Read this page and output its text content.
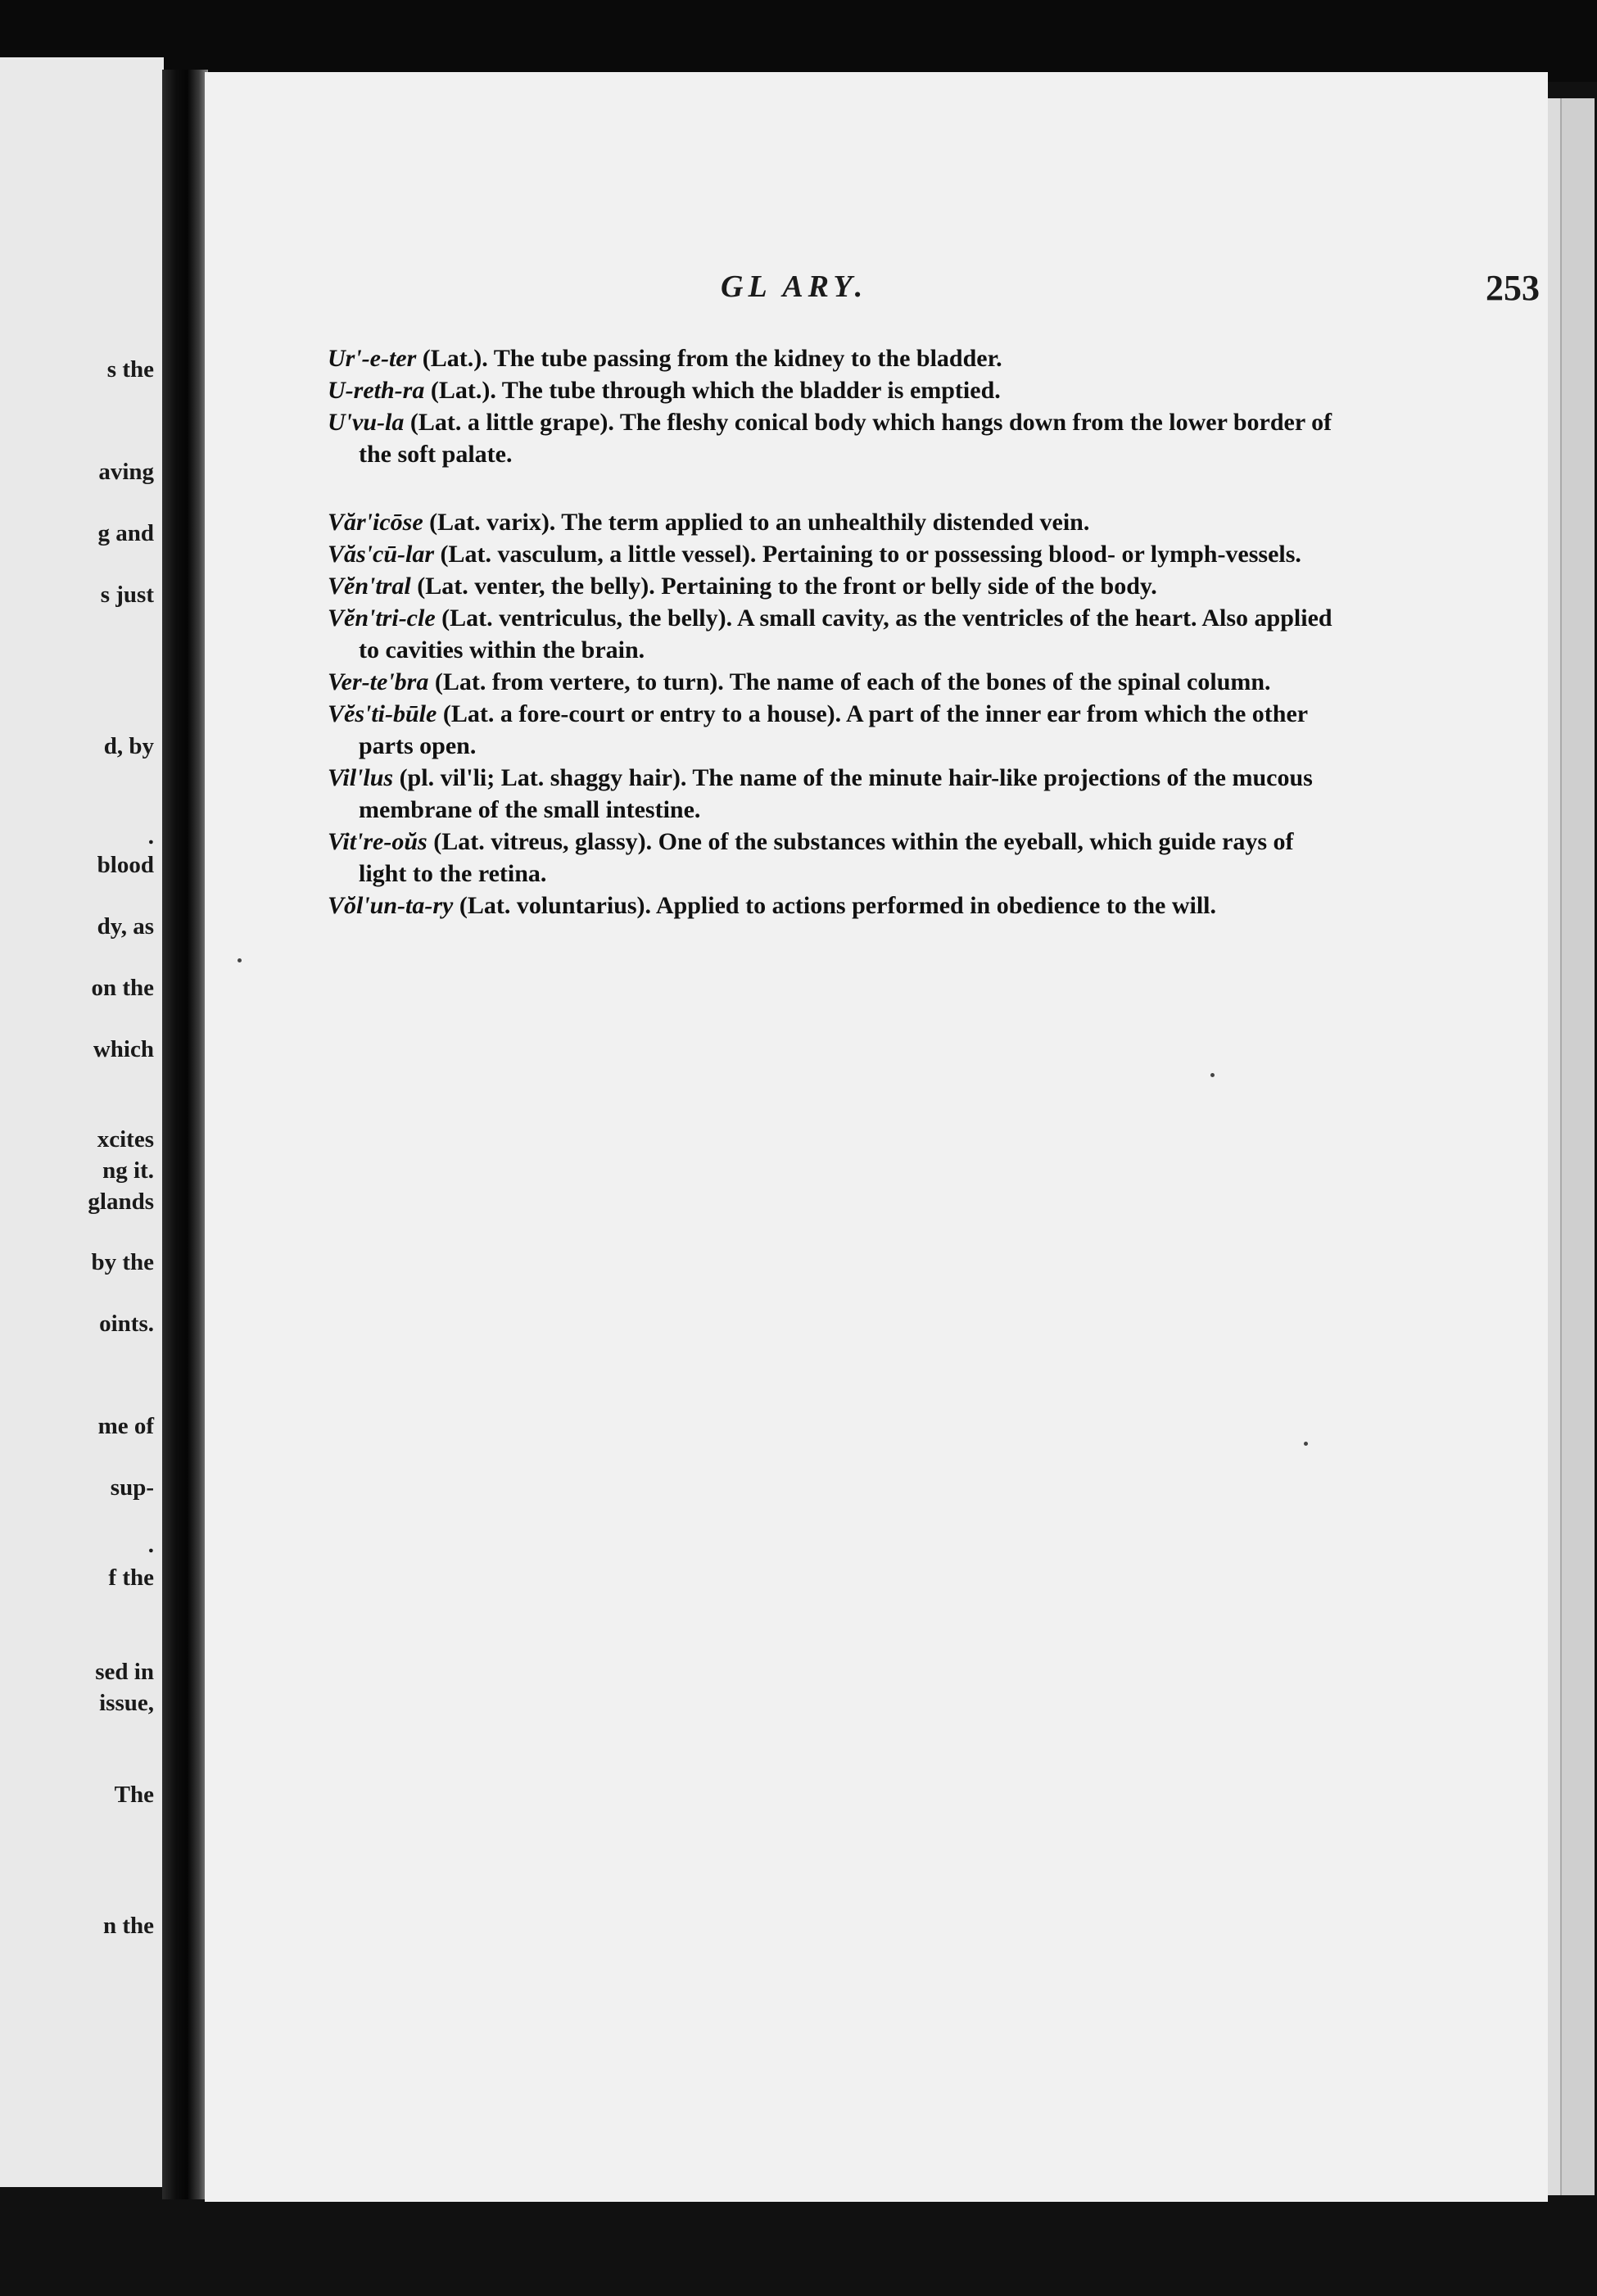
s the
aving
g and
s just
d, by
.
blood
dy, as
on the
which
xcites
ng it.
glands
by the
oints.
me of
sup-
.
f the
sed in
issue,
The
n the
GL ARY.	253
Ur'-e-ter (Lat.). The tube passing from the kidney to the bladder.
U-reth-ra (Lat.). The tube through which the bladder is emptied.
U'vu-la (Lat. a little grape). The fleshy conical body which hangs down from the lower border of the soft palate.
Văr'icōse (Lat. varix). The term applied to an unhealthily distended vein.
Văs'cū-lar (Lat. vasculum, a little vessel). Pertaining to or possessing blood- or lymph-vessels.
Vĕn'tral (Lat. venter, the belly). Pertaining to the front or belly side of the body.
Vĕn'tri-cle (Lat. ventriculus, the belly). A small cavity, as the ventricles of the heart. Also applied to cavities within the brain.
Ver-te'bra (Lat. from vertere, to turn). The name of each of the bones of the spinal column.
Vĕs'ti-būle (Lat. a fore-court or entry to a house). A part of the inner ear from which the other parts open.
Vil'lus (pl. vil'li; Lat. shaggy hair). The name of the minute hair-like projections of the mucous membrane of the small intestine.
Vit're-oŭs (Lat. vitreus, glassy). One of the substances within the eyeball, which guide rays of light to the retina.
Vŏl'un-ta-ry (Lat. voluntarius). Applied to actions performed in obedience to the will.
